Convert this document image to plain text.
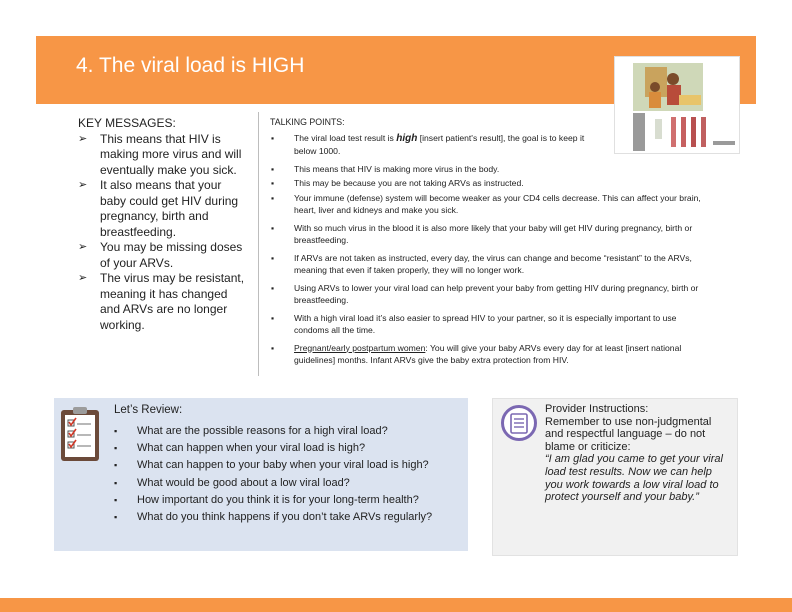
4. The viral load is HIGH
KEY MESSAGES:
➢ This means that HIV is making more virus and will eventually make you sick.
➢ It also means that your baby could get HIV during pregnancy, birth and breastfeeding.
➢ You may be missing doses of your ARVs.
➢ The virus may be resistant, meaning it has changed and ARVs are no longer working.
TALKING POINTS:
▪ The viral load test result is high [insert patient's result], the goal is to keep it below 1000.
▪ This means that HIV is making more virus in the body.
▪ This may be because you are not taking ARVs as instructed.
▪ Your immune (defense) system will become weaker as your CD4 cells decrease. This can affect your brain, heart, liver and kidneys and make you sick.
▪ With so much virus in the blood it is also more likely that your baby will get HIV during pregnancy, birth or breastfeeding.
▪ If ARVs are not taken as instructed, every day, the virus can change and become “resistant” to the ARVs, meaning that even if taken properly, they will no longer work.
▪ Using ARVs to lower your viral load can help prevent your baby from getting HIV during pregnancy, birth or breastfeeding.
▪ With a high viral load it’s also easier to spread HIV to your partner, so it is especially important to use condoms all the time.
▪ Pregnant/early postpartum women: You will give your baby ARVs every day for at least [insert national guidelines] months. Infant ARVs give the baby extra protection from HIV.
Let’s Review:
▪ What are the possible reasons for a high viral load?
▪ What can happen when your viral load is high?
▪ What can happen to your baby when your viral load is high?
▪ What would be good about a low viral load?
▪ How important do you think it is for your long-term health?
▪ What do you think happens if you don’t take ARVs regularly?
Provider Instructions:
Remember to use non-judgmental and respectful language – do not blame or criticize:
“I am glad you came to get your viral load test results. Now we can help you work towards a low viral load to protect yourself and your baby.”
